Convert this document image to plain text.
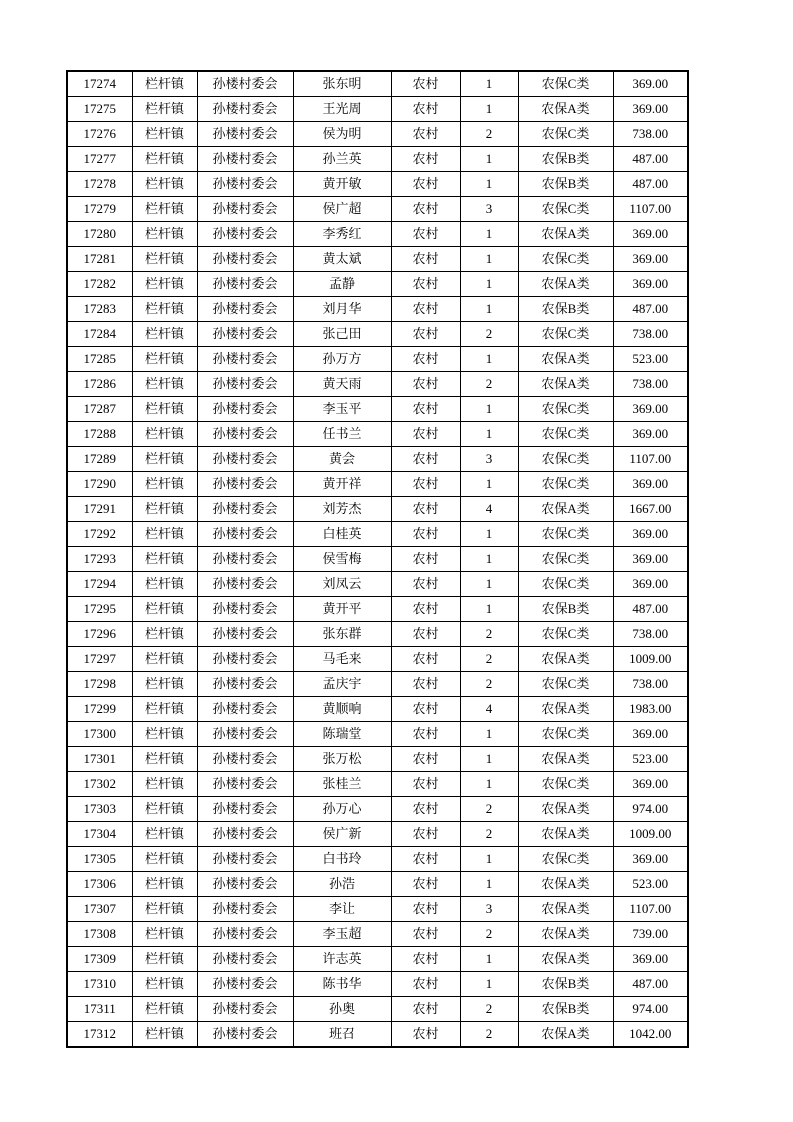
17274	栏杆镇	孙楼村委会	张东明	农村	1	农保C类	369.00
17275	栏杆镇	孙楼村委会	王光周	农村	1	农保A类	369.00
17276	栏杆镇	孙楼村委会	侯为明	农村	2	农保C类	738.00
17277	栏杆镇	孙楼村委会	孙兰英	农村	1	农保B类	487.00
17278	栏杆镇	孙楼村委会	黄开敏	农村	1	农保B类	487.00
17279	栏杆镇	孙楼村委会	侯广超	农村	3	农保C类	1107.00
17280	栏杆镇	孙楼村委会	李秀红	农村	1	农保A类	369.00
17281	栏杆镇	孙楼村委会	黄太斌	农村	1	农保C类	369.00
17282	栏杆镇	孙楼村委会	孟静	农村	1	农保A类	369.00
17283	栏杆镇	孙楼村委会	刘月华	农村	1	农保B类	487.00
17284	栏杆镇	孙楼村委会	张己田	农村	2	农保C类	738.00
17285	栏杆镇	孙楼村委会	孙万方	农村	1	农保A类	523.00
17286	栏杆镇	孙楼村委会	黄天雨	农村	2	农保A类	738.00
17287	栏杆镇	孙楼村委会	李玉平	农村	1	农保C类	369.00
17288	栏杆镇	孙楼村委会	任书兰	农村	1	农保C类	369.00
17289	栏杆镇	孙楼村委会	黄会	农村	3	农保C类	1107.00
17290	栏杆镇	孙楼村委会	黄开祥	农村	1	农保C类	369.00
17291	栏杆镇	孙楼村委会	刘芳杰	农村	4	农保A类	1667.00
17292	栏杆镇	孙楼村委会	白桂英	农村	1	农保C类	369.00
17293	栏杆镇	孙楼村委会	侯雪梅	农村	1	农保C类	369.00
17294	栏杆镇	孙楼村委会	刘凤云	农村	1	农保C类	369.00
17295	栏杆镇	孙楼村委会	黄开平	农村	1	农保B类	487.00
17296	栏杆镇	孙楼村委会	张东群	农村	2	农保C类	738.00
17297	栏杆镇	孙楼村委会	马毛来	农村	2	农保A类	1009.00
17298	栏杆镇	孙楼村委会	孟庆宇	农村	2	农保C类	738.00
17299	栏杆镇	孙楼村委会	黄顺响	农村	4	农保A类	1983.00
17300	栏杆镇	孙楼村委会	陈瑞堂	农村	1	农保C类	369.00
17301	栏杆镇	孙楼村委会	张万松	农村	1	农保A类	523.00
17302	栏杆镇	孙楼村委会	张桂兰	农村	1	农保C类	369.00
17303	栏杆镇	孙楼村委会	孙万心	农村	2	农保A类	974.00
17304	栏杆镇	孙楼村委会	侯广新	农村	2	农保A类	1009.00
17305	栏杆镇	孙楼村委会	白书玲	农村	1	农保C类	369.00
17306	栏杆镇	孙楼村委会	孙浩	农村	1	农保A类	523.00
17307	栏杆镇	孙楼村委会	李让	农村	3	农保A类	1107.00
17308	栏杆镇	孙楼村委会	李玉超	农村	2	农保A类	739.00
17309	栏杆镇	孙楼村委会	许志英	农村	1	农保A类	369.00
17310	栏杆镇	孙楼村委会	陈书华	农村	1	农保B类	487.00
17311	栏杆镇	孙楼村委会	孙奥	农村	2	农保B类	974.00
17312	栏杆镇	孙楼村委会	班召	农村	2	农保A类	1042.00
